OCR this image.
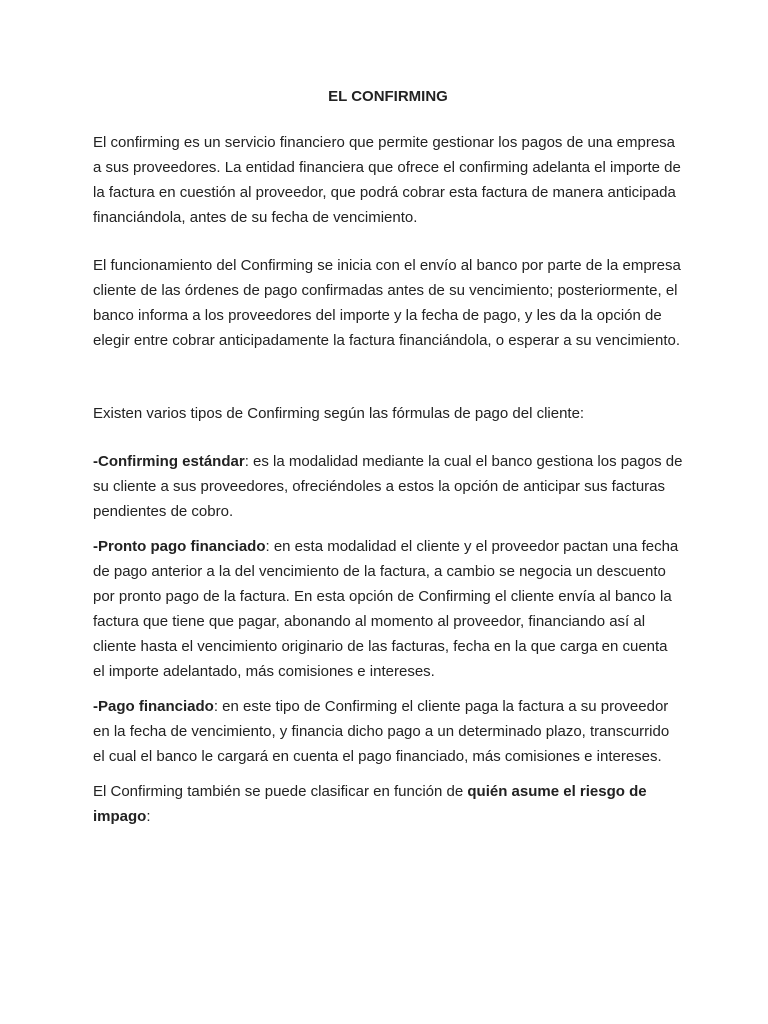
EL CONFIRMING

El confirming es un servicio financiero que permite gestionar los pagos de una empresa a sus proveedores. La entidad financiera que ofrece el confirming adelanta el importe de la factura en cuestión al proveedor, que podrá cobrar esta factura de manera anticipada financiándola, antes de su fecha de vencimiento.

El funcionamiento del Confirming se inicia con el envío al banco por parte de la empresa cliente de las órdenes de pago confirmadas antes de su vencimiento; posteriormente, el banco informa a los proveedores del importe y la fecha de pago, y les da la opción de elegir entre cobrar anticipadamente la factura financiándola, o esperar a su vencimiento.

Existen varios tipos de Confirming según las fórmulas de pago del cliente:

-Confirming estándar: es la modalidad mediante la cual el banco gestiona los pagos de su cliente a sus proveedores, ofreciéndoles a estos la opción de anticipar sus facturas pendientes de cobro.

-Pronto pago financiado: en esta modalidad el cliente y el proveedor pactan una fecha de pago anterior a la del vencimiento de la factura, a cambio se negocia un descuento por pronto pago de la factura. En esta opción de Confirming el cliente envía al banco la factura que tiene que pagar, abonando al momento al proveedor, financiando así al cliente hasta el vencimiento originario de las facturas, fecha en la que carga en cuenta el importe adelantado, más comisiones e intereses.

-Pago financiado: en este tipo de Confirming el cliente paga la factura a su proveedor en la fecha de vencimiento, y financia dicho pago a un determinado plazo, transcurrido el cual el banco le cargará en cuenta el pago financiado, más comisiones e intereses.

El Confirming también se puede clasificar en función de quién asume el riesgo de impago:
